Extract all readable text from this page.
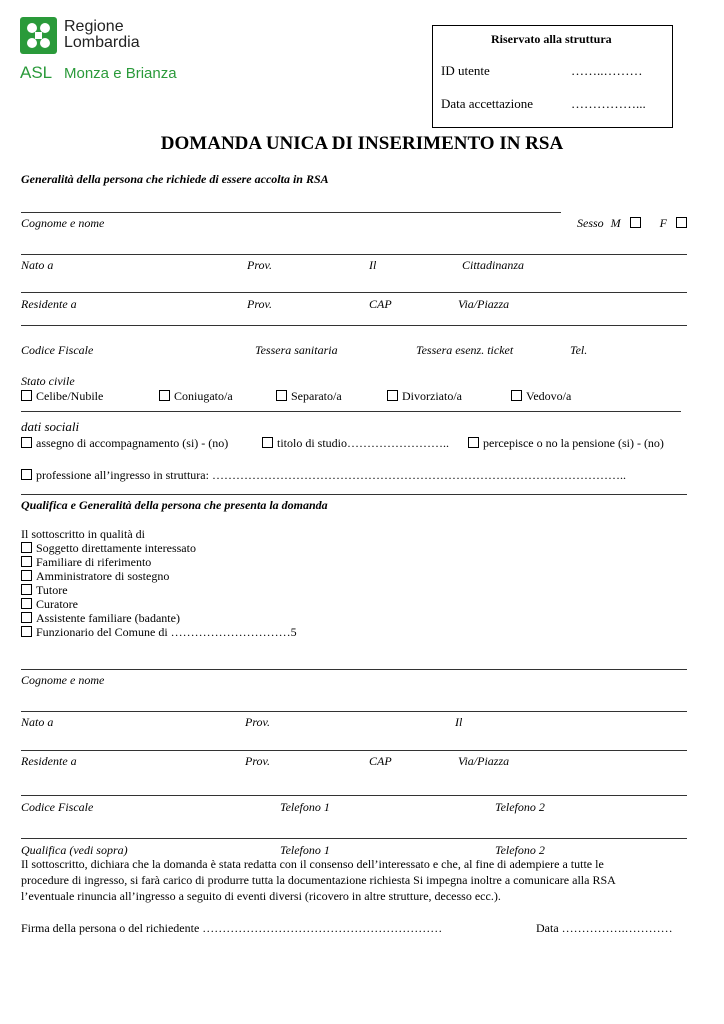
Regione
Lombardia
ASL Monza e Brianza
Riservato alla struttura
ID utente	……..………
Data accettazione	……………...
DOMANDA UNICA DI INSERIMENTO IN RSA
Generalità della persona che richiede di essere accolta in RSA
Cognome e nome	Sesso M	F
Nato a	Prov.	Il	Cittadinanza
Residente a	Prov.	CAP	Via/Piazza
Codice Fiscale	Tessera sanitaria	Tessera esenz. ticket	Tel.
Stato civile
Celibe/Nubile	Coniugato/a	Separato/a	Divorziato/a	Vedovo/a
dati sociali
assegno di accompagnamento (si) - (no)	titolo di studio……………………..	percepisce o no la pensione (si) - (no)
professione all’ingresso in struttura: …………………………………………………………………………………………..
Qualifica e Generalità della persona che presenta la domanda
Il sottoscritto in qualità di
Soggetto direttamente interessato
Familiare di riferimento
Amministratore di sostegno
Tutore
Curatore
Assistente familiare (badante)
Funzionario del Comune di …………………………5
Cognome e nome
Nato a	Prov.	Il
Residente a	Prov.	CAP	Via/Piazza
Codice Fiscale	Telefono 1	Telefono 2
Qualifica (vedi sopra)	Telefono 1	Telefono 2
Il sottoscritto, dichiara che la domanda è stata redatta con il consenso dell’interessato e che, al fine di adempiere a tutte le
procedure di ingresso, si farà carico di produrre tutta la documentazione richiesta Si impegna inoltre a comunicare alla RSA
l’eventuale rinuncia all’ingresso a seguito di eventi diversi (ricovero in altre strutture, decesso ecc.).
Firma della persona o del richiedente ……………………………………………………	Data …………….…………
